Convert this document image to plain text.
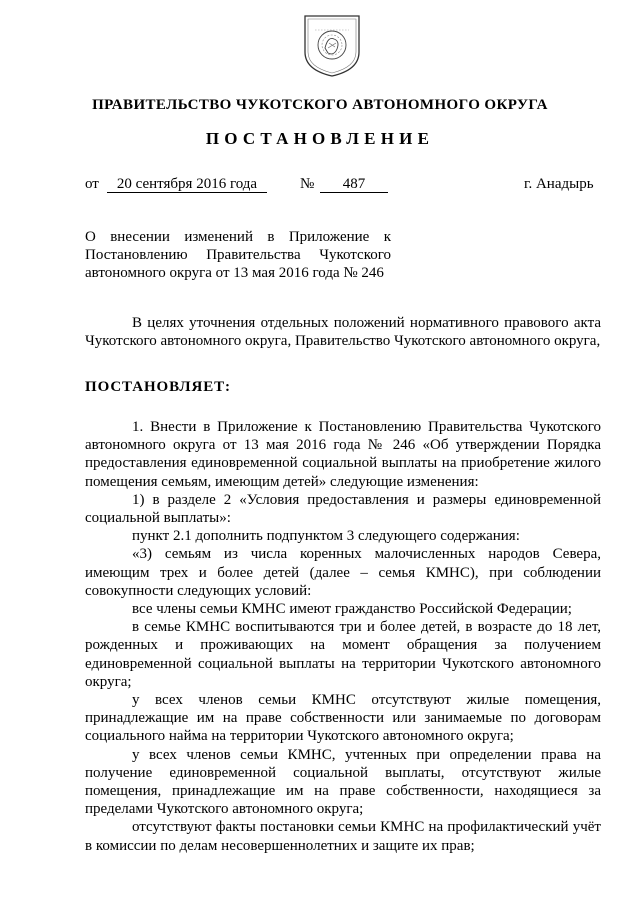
ПРАВИТЕЛЬСТВО ЧУКОТСКОГО АВТОНОМНОГО ОКРУГА
ПОСТАНОВЛЕНИЕ
от	20 сентября 2016 года	№	487	г. Анадырь
О внесении изменений в Приложение к
Постановлению Правительства Чукотского
автономного округа от 13 мая 2016 года № 246

В целях уточнения отдельных положений нормативного правового акта Чукотского автономного округа, Правительство Чукотского автономного округа,

ПОСТАНОВЛЯЕТ:

1. Внести в Приложение к Постановлению Правительства Чукотского автономного округа от 13 мая 2016 года № 246 «Об утверждении Порядка предоставления единовременной социальной выплаты на приобретение жилого помещения семьям, имеющим детей» следующие изменения:

1) в разделе 2 «Условия предоставления и размеры единовременной социальной выплаты»:

пункт 2.1 дополнить подпунктом 3 следующего содержания:

«3) семьям из числа коренных малочисленных народов Севера, имеющим трех и более детей (далее – семья КМНС), при соблюдении совокупности следующих условий:

все члены семьи КМНС имеют гражданство Российской Федерации;

в семье КМНС воспитываются три и более детей, в возрасте до 18 лет, рожденных и проживающих на момент обращения за получением единовременной социальной выплаты на территории Чукотского автономного округа;

у всех членов семьи КМНС отсутствуют жилые помещения, принадлежащие им на праве собственности или занимаемые по договорам социального найма на территории Чукотского автономного округа;

у всех членов семьи КМНС, учтенных при определении права на получение единовременной социальной выплаты, отсутствуют жилые помещения, принадлежащие им на праве собственности, находящиеся за пределами Чукотского автономного округа;

отсутствуют факты постановки семьи КМНС на профилактический учёт в комиссии по делам несовершеннолетних и защите их прав;
